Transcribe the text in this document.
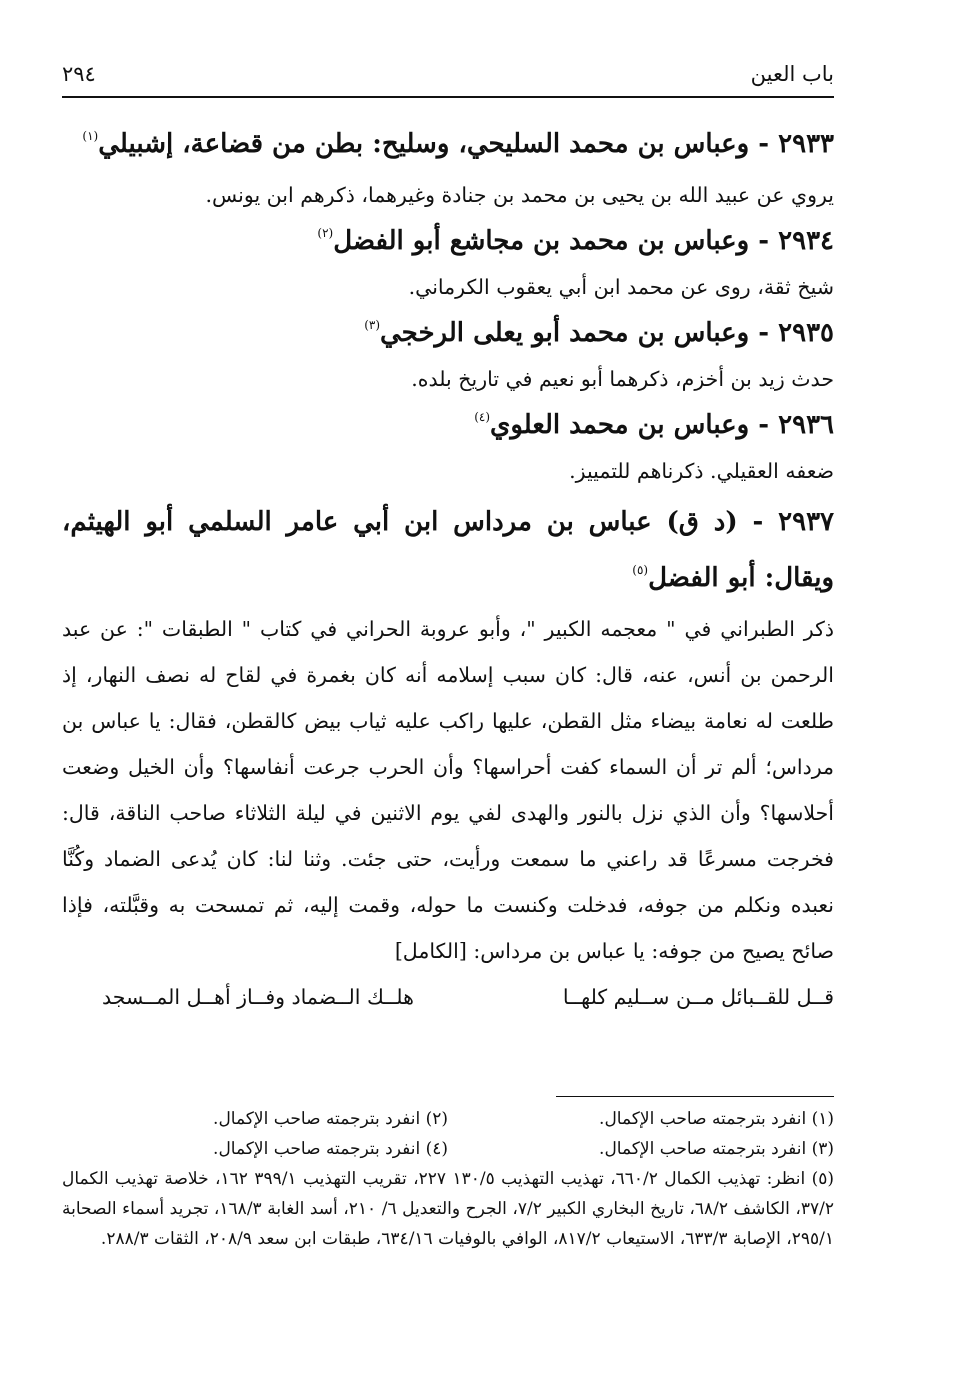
باب العين
٢٩٤

٢٩٣٣ - وعباس بن محمد السليحي، وسليح: بطن من قضاعة، إشبيلي$^{(١)}$

يروي عن عبيد الله بن يحيى بن محمد بن جنادة وغيرهما، ذكرهم ابن يونس.

٢٩٣٤ - وعباس بن محمد بن مجاشع أبو الفضل$^{(٢)}$

شيخ ثقة، روى عن محمد ابن أبي يعقوب الكرماني.

٢٩٣٥ - وعباس بن محمد أبو يعلى الرخجي$^{(٣)}$

حدث زيد بن أخزم، ذكرهما أبو نعيم في تاريخ بلده.

٢٩٣٦ - وعباس بن محمد العلوي$^{(٤)}$

ضعفه العقيلي. ذكرناهم للتمييز.

٢٩٣٧ - (د ق) عباس بن مرداس ابن أبي عامر السلمي أبو الهيثم، ويقال: أبو الفضل$^{(٥)}$

ذكر الطبراني في " معجمه الكبير "، وأبو عروبة الحراني في كتاب " الطبقات ": عن عبد الرحمن بن أنس، عنه، قال: كان سبب إسلامه أنه كان بغمرة في لقاح له نصف النهار، إذ طلعت له نعامة بيضاء مثل القطن، عليها راكب عليه ثياب بيض كالقطن، فقال: يا عباس بن مرداس؛ ألم تر أن السماء كفت أحراسها؟ وأن الحرب جرعت أنفاسها؟ وأن الخيل وضعت أحلاسها؟ وأن الذي نزل بالنور والهدى لفي يوم الاثنين في ليلة الثلاثاء صاحب الناقة، قال: فخرجت مسرعًا قد راعني ما سمعت ورأيت، حتى جئت. وثنا لنا: كان يُدعى الضماد وكُنَّا نعبده ونكلم من جوفه، فدخلت وكنست ما حوله، وقمت إليه، ثم تمسحت به وقبَّلته، فإذا صائح يصيح من جوفه: يا عباس بن مرداس: [الكامل]

قــل للقــبائل مــن ســليم كلهــا
هلــك الــضماد وفــاز أهــل المــسجد

(١) انفرد بترجمته صاحب الإكمال.
(٢) انفرد بترجمته صاحب الإكمال.
(٣) انفرد بترجمته صاحب الإكمال.
(٤) انفرد بترجمته صاحب الإكمال.
(٥) انظر: تهذيب الكمال ٦٦٠/٢، تهذيب التهذيب ١٣٠/٥ ٢٢٧، تقريب التهذيب ٣٩٩/١ ١٦٢، خلاصة تهذيب الكمال ٣٧/٢، الكاشف ٦٨/٢، تاريخ البخاري الكبير ٧/٢، الجرح والتعديل ٦/ ٢١٠، أسد الغابة ١٦٨/٣، تجريد أسماء الصحابة ٢٩٥/١، الإصابة ٦٣٣/٣، الاستيعاب ٨١٧/٢، الوافي بالوفيات ٦٣٤/١٦، طبقات ابن سعد ٢٠٨/٩، الثقات ٢٨٨/٣.
